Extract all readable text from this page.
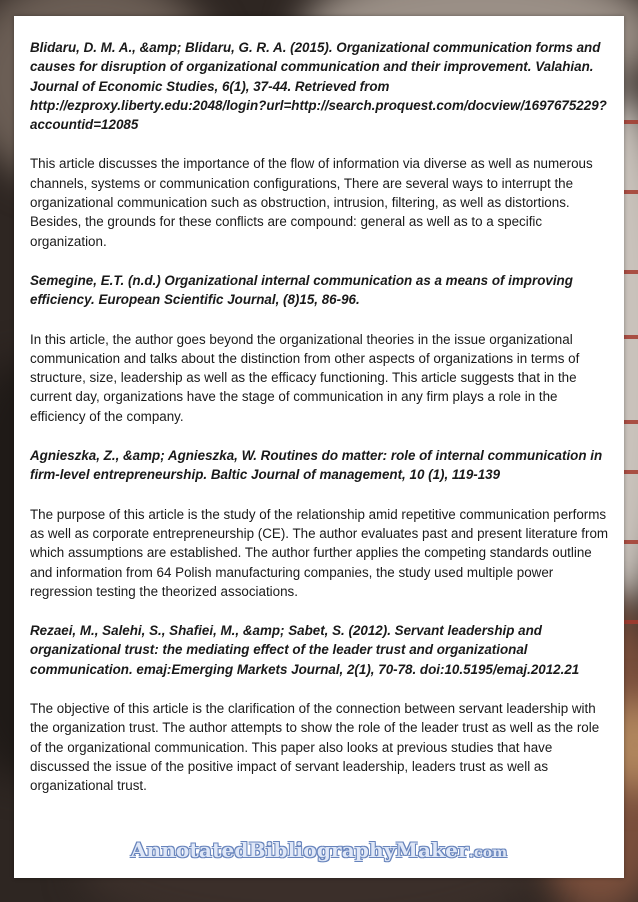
Blidaru, D. M. A., &amp; Blidaru, G. R. A. (2015). Organizational communication forms and causes for disruption of organizational communication and their improvement. Valahian. Journal of Economic Studies, 6(1), 37-44. Retrieved from http://ezproxy.liberty.edu:2048/login?url=http://search.proquest.com/docview/1697675229?accountid=12085

This article discusses the importance of the flow of information via diverse as well as numerous channels, systems or communication configurations, There are several ways to interrupt the organizational communication such as obstruction, intrusion, filtering, as well as distortions. Besides, the grounds for these conflicts are compound: general as well as to a specific organization.

Semegine, E.T. (n.d.) Organizational internal communication as a means of improving efficiency. European Scientific Journal, (8)15, 86-96.

In this article, the author goes beyond the organizational theories in the issue organizational communication and talks about the distinction from other aspects of organizations in terms of structure, size, leadership as well as the efficacy functioning. This article suggests that in the current day, organizations have the stage of communication in any firm plays a role in the efficiency of the company.

Agnieszka, Z., &amp; Agnieszka, W. Routines do matter: role of internal communication in firm-level entrepreneurship. Baltic Journal of management, 10 (1), 119-139

The purpose of this article is the study of the relationship amid repetitive communication performs as well as corporate entrepreneurship (CE). The author evaluates past and present literature from which assumptions are established. The author further applies the competing standards outline and information from 64 Polish manufacturing companies, the study used multiple power regression testing the theorized associations.

Rezaei, M., Salehi, S., Shafiei, M., &amp; Sabet, S. (2012). Servant leadership and organizational trust: the mediating effect of the leader trust and organizational communication. emaj:Emerging Markets Journal, 2(1), 70-78. doi:10.5195/emaj.2012.21

The objective of this article is the clarification of the connection between servant leadership with the organization trust. The author attempts to show the role of the leader trust as well as the role of the organizational communication. This paper also looks at previous studies that have discussed the issue of the positive impact of servant leadership, leaders trust as well as organizational trust.

AnnotatedBibliographyMaker.com
